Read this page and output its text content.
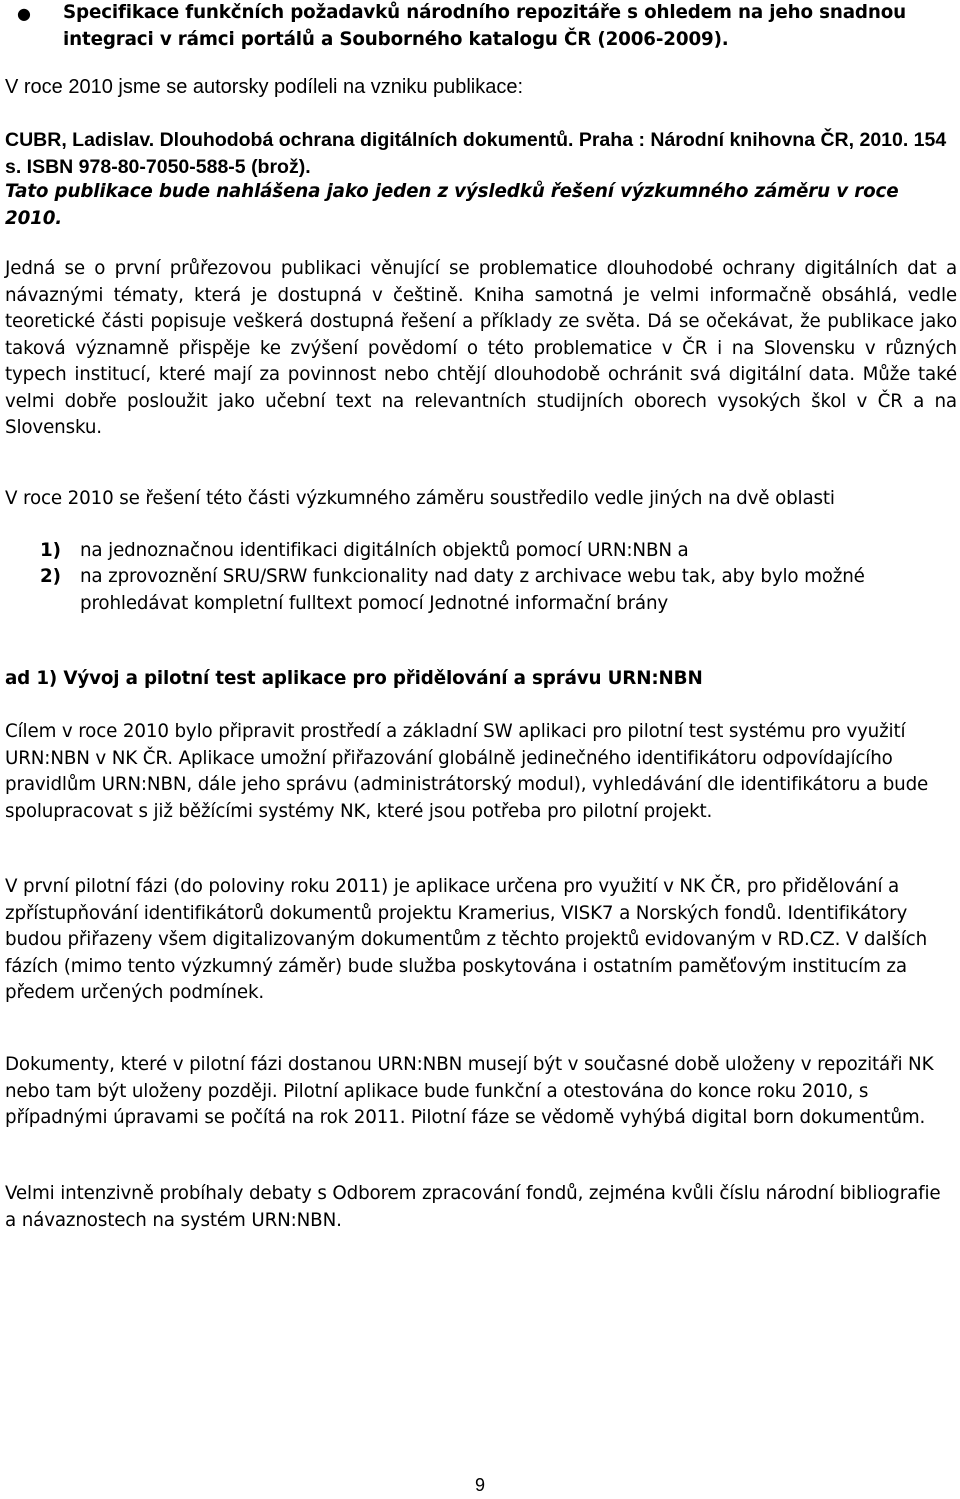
● Specifikace funkčních požadavků národního repozitáře s ohledem na jeho snadnou integraci v rámci portálů a Souborného katalogu ČR (2006-2009).

V roce 2010 jsme se autorsky podíleli na vzniku publikace:

CUBR, Ladislav. Dlouhodobá ochrana digitálních dokumentů. Praha : Národní knihovna ČR, 2010. 154 s. ISBN 978-80-7050-588-5 (brož).

Tato publikace bude nahlášena jako jeden z výsledků řešení výzkumného záměru v roce 2010.

Jedná se o první průřezovou publikaci věnující se problematice dlouhodobé ochrany digitálních dat a návaznými tématy, která je dostupná v češtině. Kniha samotná je velmi informačně obsáhlá, vedle teoretické části popisuje veškerá dostupná řešení a příklady ze světa. Dá se očekávat, že publikace jako taková významně přispěje ke zvýšení povědomí o této problematice v ČR i na Slovensku v různých typech institucí, které mají za povinnost nebo chtějí dlouhodobě ochránit svá digitální data. Může také velmi dobře posloužit jako učební text na relevantních studijních oborech vysokých škol v ČR a na Slovensku.

V roce 2010 se řešení této části výzkumného záměru soustředilo vedle jiných na dvě oblasti

1)	na jednoznačnou identifikaci digitálních objektů pomocí URN:NBN a

2)	na zprovoznění SRU/SRW funkcionality nad daty z archivace webu tak, aby bylo možné prohledávat kompletní fulltext pomocí Jednotné informační brány

ad 1) Vývoj a pilotní test aplikace pro přidělování a správu URN:NBN

Cílem v roce 2010 bylo připravit prostředí a základní SW aplikaci pro pilotní test systému pro využití URN:NBN v NK ČR. Aplikace umožní přiřazování globálně jedinečného identifikátoru odpovídajícího pravidlům URN:NBN, dále jeho správu (administrátorský modul), vyhledávání dle identifikátoru a bude spolupracovat s již běžícími systémy NK, které jsou potřeba pro pilotní projekt.

V první pilotní fázi (do poloviny roku 2011) je aplikace určena pro využití v NK ČR, pro přidělování a zpřístupňování identifikátorů dokumentů projektu Kramerius, VISK7 a Norských fondů. Identifikátory budou přiřazeny všem digitalizovaným dokumentům z těchto projektů evidovaným v RD.CZ. V dalších fázích (mimo tento výzkumný záměr) bude služba poskytována i ostatním paměťovým institucím za předem určených podmínek.

Dokumenty, které v pilotní fázi dostanou URN:NBN musejí být v současné době uloženy v repozitáři NK nebo tam být uloženy později. Pilotní aplikace bude funkční a otestována do konce roku 2010, s případnými úpravami se počítá na rok 2011. Pilotní fáze se vědomě vyhýbá digital born dokumentům.

Velmi intenzivně probíhaly debaty s Odborem zpracování fondů, zejména kvůli číslu národní bibliografie a návaznostech na systém URN:NBN.

9
